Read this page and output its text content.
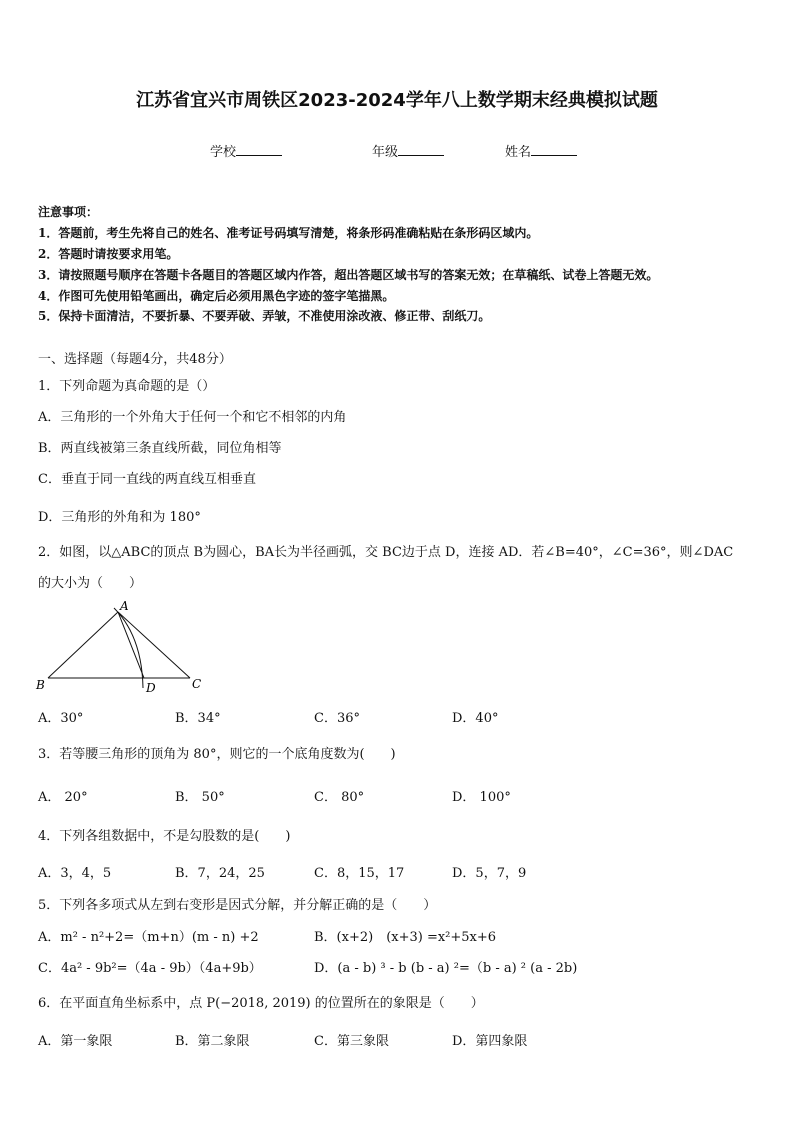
江苏省宜兴市周铁区2023-2024学年八上数学期末经典模拟试题
学校	年级	姓名
注意事项：
1．答题前，考生先将自己的姓名、准考证号码填写清楚，将条形码准确粘贴在条形码区域内。
2．答题时请按要求用笔。
3．请按照题号顺序在答题卡各题目的答题区域内作答，超出答题区域书写的答案无效；在草稿纸、试卷上答题无效。
4．作图可先使用铅笔画出，确定后必须用黑色字迹的签字笔描黑。
5．保持卡面清洁，不要折暴、不要弄破、弄皱，不准使用涂改液、修正带、刮纸刀。
一、选择题（每题4分，共48分）
1．下列命题为真命题的是（）
A．三角形的一个外角大于任何一个和它不相邻的内角
B．两直线被第三条直线所截，同位角相等
C．垂直于同一直线的两直线互相垂直
D．三角形的外角和为 180°
2．如图，以△ABC的顶点 B为圆心，BA长为半径画弧，交 BC边于点 D，连接 AD．若∠B=40°，∠C=36°，则∠DAC
的大小为（　　）
A
B	C
D
A．30°	B．34°	C．36°	D．40°
3．若等腰三角形的顶角为 80°，则它的一个底角度数为(　　)
A． 20°	B． 50°	C． 80°	D． 100°
4．下列各组数据中，不是勾股数的是(　　)
A．3，4，5	B．7，24，25	C．8，15，17	D．5，7，9
5．下列各多项式从左到右变形是因式分解，并分解正确的是（　　）
A．m² - n²+2=（m+n）(m - n) +2	B．(x+2)　(x+3) =x²+5x+6
C．4a² - 9b²=（4a - 9b）（4a+9b）	D．(a - b) ³ - b (b - a) ²=（b - a) ² (a - 2b)
6．在平面直角坐标系中，点 P(−2018, 2019) 的位置所在的象限是（　　）
A．第一象限	B．第二象限	C．第三象限	D．第四象限
